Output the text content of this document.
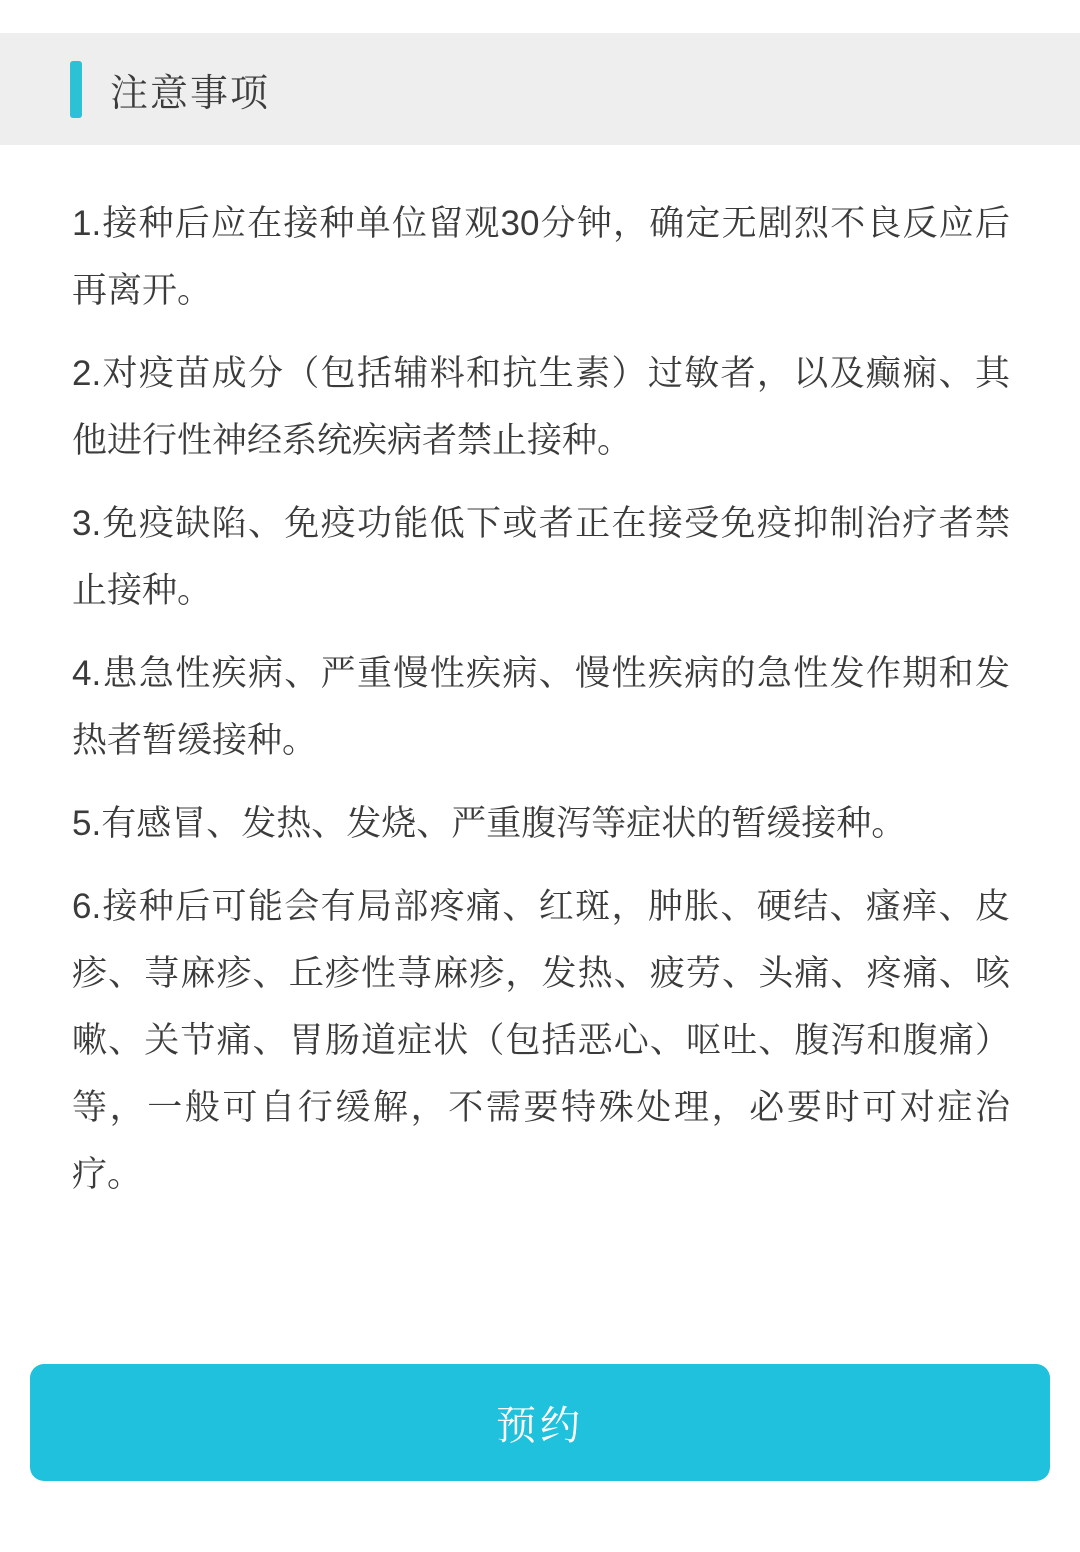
注意事项

1.接种后应在接种单位留观30分钟，确定无剧烈不良反应后再离开。

2.对疫苗成分（包括辅料和抗生素）过敏者，以及癫痫、其他进行性神经系统疾病者禁止接种。

3.免疫缺陷、免疫功能低下或者正在接受免疫抑制治疗者禁止接种。

4.患急性疾病、严重慢性疾病、慢性疾病的急性发作期和发热者暂缓接种。

5.有感冒、发热、发烧、严重腹泻等症状的暂缓接种。

6.接种后可能会有局部疼痛、红斑，肿胀、硬结、瘙痒、皮疹、荨麻疹、丘疹性荨麻疹，发热、疲劳、头痛、疼痛、咳嗽、关节痛、胃肠道症状（包括恶心、呕吐、腹泻和腹痛）等，一般可自行缓解，不需要特殊处理，必要时可对症治疗。

预约
